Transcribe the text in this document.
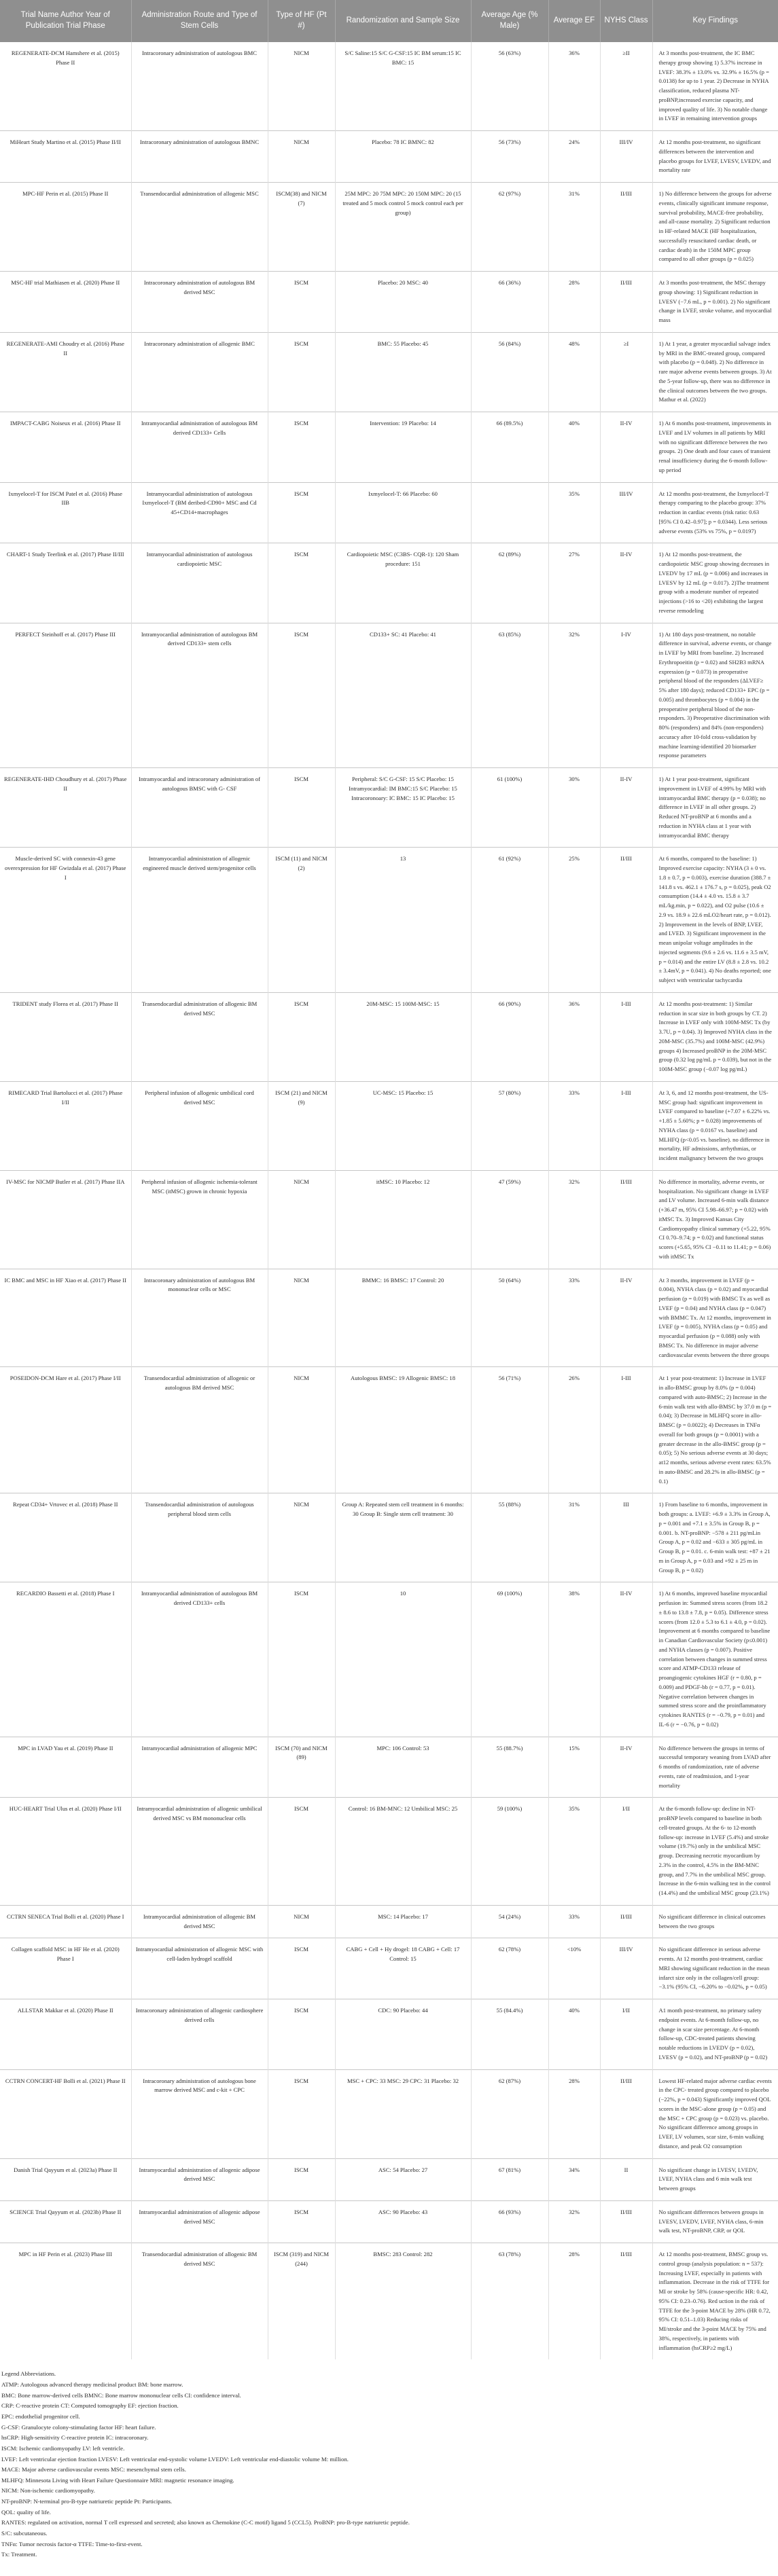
Trial Name Author Year of Publication Trial Phase	Administration Route and Type of Stem Cells	Type of HF (Pt #)	Randomization and Sample Size	Average Age (% Male)	Average EF	NYHS Class	Key Findings
REGENERATE-DCM Hamshere et al. (2015) Phase II	Intracoronary administration of autologous BMC	NICM	S/C Saline:15 S/C G-CSF:15 IC BM serum:15 IC BMC: 15	56 (63%)	36%	≥II	At 3 months post-treatment, the IC BMC therapy group showing 1) 5.37% increase in LVEF: 38.3% ± 13.0% vs. 32.9% ± 16.5% (p = 0.0138) for up to 1 year. 2) Decrease in NYHA classification, reduced plasma NT-proBNP,increased exercise capacity, and improved quality of life. 3) No notable change in LVEF in remaining intervention groups
MiHeart Study Martino et al. (2015) Phase II/II	Intracoronary administration of autologous BMNC	NICM	Placebo: 78 IC BMNC: 82	56 (73%)	24%	III/IV	At 12 months post-treatment, no significant differences between the intervention and placebo groups for LVEF, LVESV, LVEDV, and mortality rate
MPC-HF Perin et al. (2015) Phase II	Transendocardial administration of allogenic MSC	ISCM(38) and NICM (7)	25M MPC: 20 75M MPC: 20 150M MPC: 20 (15 treated and 5 mock control 5 mock control each per group)	62 (97%)	31%	II/III	1) No difference between the groups for adverse events, clinically significant immune response, survival probability, MACE-free probability, and all-cause mortality. 2) Significant reduction in HF-related MACE (HF hospitalization, successfully resuscitated cardiac death, or cardiac death) in the 150M MPC group compared to all other groups (p = 0.025)
MSC-HF trial Mathiasen et al. (2020) Phase II	Intracoronary administration of autologous BM derived MSC	ISCM	Placebo: 20 MSC: 40	66 (36%)	28%	II/III	At 3 months post-treatment, the MSC therapy group showing: 1) Significant reduction in LVESV (−7.6 mL, p = 0.001). 2) No significant change in LVEF, stroke volume, and myocardial mass
REGENERATE-AMI Choudry et al. (2016) Phase II	Intracoronary administration of allogenic BMC	ISCM	BMC: 55 Placebo: 45	56 (84%)	48%	≥I	1) At 1 year, a greater myocardial salvage index by MRI in the BMC-treated group, compared with placebo (p = 0.048). 2) No difference in rare major adverse events between groups. 3) At the 5-year follow-up, there was no difference in the clinical outcomes between the two groups. Mathur et al. (2022)
IMPACT-CABG Noiseux et al. (2016) Phase II	Intramyocardial administration of autologous BM derived CD133+ Cells	ISCM	Intervention: 19 Placebo: 14	66 (89.5%)	40%	II-IV	1) At 6 months post-treatment, improvements in LVEF and LV volumes in all patients by MRI with no significant difference between the two groups. 2) One death and four cases of transient renal insufficiency during the 6-month follow-up period
Ixmyelocel-T for ISCM Patel et al. (2016) Phase IIB	Intramyocardial administration of autologous Ixmyelocel-T (BM deribed-CD90+ MSC and Cd 45+CD14+macrophages	ISCM	Ixmyelocel-T: 66 Placebo: 60		35%	III/IV	At 12 months post-treatment, the Ixmyelocel-T therapy comparing to the placebo group: 37% reduction in cardiac events (risk ratio: 0.63 [95% CI 0.42–0.97]; p = 0.0344). Less serious adverse events (53% vs 75%, p = 0.0197)
CHART-1 Study Teerlink et al. (2017) Phase II/III	Intramyocardial administration of autologous cardiopoietic MSC	ISCM	Cardiopoietic MSC (C3BS- CQR-1): 120 Sham procedure: 151	62 (89%)	27%	II-IV	1) At 12 months post-treatment, the cardiopoietic MSC group showing decreases in LVEDV by 17 mL (p = 0.006) and increases in LVESV by 12 mL (p = 0.017). 2)The treatment group with a moderate number of repeated injections (>16 to <20) exhibiting the largest reverse remodeling
PERFECT Steinhoff et al. (2017) Phase III	Intramyocardial administration of autologous BM derived CD133+ stem cells	ISCM	CD133+ SC: 41 Placebo: 41	63 (85%)	32%	I-IV	1) At 180 days post-treatment, no notable difference in survival, adverse events, or change in LVEF by MRI from baseline. 2) Increased Erythropoeitin (p = 0.02) and SH2B3 mRNA expression (p = 0.073) in preoperative peripheral blood of the responders (ΔLVEF≥ 5% after 180 days); reduced CD133+ EPC (p = 0.005) and thrombocytes (p = 0.004) in the preoperative peripheral blood of the non-responders. 3) Preoperative discrimination with 80% (responders) and 84% (non-responders) accuracy after 10-fold cross-validation by machine learning-identified 20 biomarker response parameters
REGENERATE-IHD Choudhury et al. (2017) Phase II	Intramyocardial and intracoronary administration of autologous BMSC with G- CSF	ISCM	Peripheral: S/C G-CSF: 15 S/C Placebo: 15 Intramyocardial: IM BMC:15 S/C Placebo: 15 Intracoronoary: IC BMC: 15 IC Placebo: 15	61 (100%)	30%	II-IV	1) At 1 year post-treatment, significant improvement in LVEF of 4.99% by MRI with intramyocardial BMC therapy (p = 0.038); no difference in LVEF in all other groups. 2) Reduced NT-proBNP at 6 months and a reduction in NYHA class at 1 year with intramyocardial BMC therapy
Muscle-derived SC with connexin-43 gene overexpression for HF Gwizdala et al. (2017) Phase I	Intramyocardial administration of allogenic engineered muscle derived stem/progenitor cells	ISCM (11) and NICM (2)	13	61 (92%)	25%	II/III	At 6 months, compared to the baseline: 1) Improved exercise capacity: NYHA (3 ± 0 vs. 1.8 ± 0.7, p = 0.003), exercise duration (388.7 ± 141.8 s vs. 462.1 ± 176.7 s, p = 0.025), peak O2 consumption (14.4 ± 4.0 vs. 15.8 ± 3.7 mL/kg.min, p = 0.022), and O2 pulse (10.6 ± 2.9 vs. 18.9 ± 22.6 mLO2/heart rate, p = 0.012). 2) Improvement in the levels of BNP, LVEF, and LVED. 3) Significant improvement in the mean unipolar voltage amplitudes in the injected segments (9.6 ± 2.6 vs. 11.6 ± 3.5 mV, p = 0.014) and the entire LV (8.8 ± 2.8 vs. 10.2 ± 3.4mV, p = 0.041). 4) No deaths reported; one subject with ventricular tachycardia
TRIDENT study Florea et al. (2017) Phase II	Transendocardial administration of allogenic BM derived MSC	ISCM	20M-MSC: 15 100M-MSC: 15	66 (90%)	36%	I-III	At 12 months post-treatment: 1) Similar reduction in scar size in both groups by CT. 2) Increase in LVEF only with 100M-MSC Tx (by 3.7U, p = 0.04). 3) Improved NYHA class in the 20M-MSC (35.7%) and 100M-MSC (42.9%) groups 4) Increased proBNP in the 20M-MSC group (0.32 log pg/mL p = 0.039), but not in the 100M-MSC group (−0.07 log pg/mL)
RIMECARD Trial Bartolucci et al. (2017) Phase I/II	Peripheral infusion of allogenic umbilical cord derived MSC	ISCM (21) and NICM (9)	UC-MSC: 15 Placebo: 15	57 (80%)	33%	I-III	At 3, 6, and 12 months post-treatment, the US-MSC group had: significant improvement in LVEF compared to baseline (+7.07 ± 6.22% vs. +1.85 ± 5.60%; p = 0.028) improvements of NYHA class (p = 0.0167 vs. baseline) and MLHFQ (p<0.05 vs. baseline). no difference in mortality, HF admissions, arrhythmias, or incident malignancy between the two groups
IV-MSC for NICMP Butler et al. (2017) Phase IIA	Peripheral infusion of allogenic ischemia-tolerant MSC (itMSC) grown in chronic hypoxia	NICM	itMSC: 10 Placebo: 12	47 (59%)	32%	II/III	No difference in mortality, adverse events, or hospitalization. No significant change in LVEF and LV volume. Increased 6-min walk distance (+36.47 m, 95% CI 5.98–66.97; p = 0.02) with itMSC Tx. 3) Improved Kansas City Cardiomyopathy clinical summary (+5.22, 95% CI 0.70–9.74; p = 0.02) and functional status scores (+5.65, 95% CI −0.11 to 11.41; p = 0.06) with itMSC Tx
IC BMC and MSC in HF Xiao et al. (2017) Phase II	Intracoronary administration of autologous BM mononuclear cells or MSC	NICM	BMMC: 16 BMSC: 17 Control: 20	50 (64%)	33%	II-IV	At 3 months, improvement in LVEF (p = 0.004), NYHA class (p = 0.02) and myocardial perfusion (p = 0.019) with BMSC Tx as well as LVEF (p = 0.04) and NYHA class (p = 0.047) with BMMC Tx. At 12 months, improvement in LVEF (p = 0.005), NYHA class (p = 0.05) and myocardial perfusion (p = 0.088) only with BMSC Tx. No difference in major adverse cardiovascular events between the three groups
POSEIDON-DCM Hare et al. (2017) Phase I/II	Transendocardial administration of allogenic or autologous BM derived MSC	NICM	Autologous BMSC: 19 Allogenic BMSC: 18	56 (71%)	26%	I-III	At 1 year post-treatment: 1) Increase in LVEF in allo-BMSC group by 8.0% (p = 0.004) compared with auto-BMSC; 2) Increase in the 6-min walk test with allo-BMSC by 37.0 m (p = 0.04); 3) Decrease in MLHFQ score in allo-BMSC (p = 0.0022); 4) Decreases in TNFα overall for both groups (p = 0.0001) with a greater decrease in the allo-BMSC group (p = 0.05); 5) No serious adverse events at 30 days; at12 months, serious adverse event rates: 63.5% in auto-BMSC and 28.2% in allo-BMSC (p = 0.1)
Repeat CD34+ Vrtovec et al. (2018) Phase II	Transendocardial administration of autologous peripheral blood stem cells	NICM	Group A: Repeated stem cell treatment in 6 months: 30 Group B: Single stem cell treatment: 30	55 (88%)	31%	III	1) From baseline to 6 months, improvement in both groups: a. LVEF: +6.9 ± 3.3% in Group A, p = 0.001 and +7.1 ± 3.5% in Group B, p = 0.001. b. NT-proBNP: −578 ± 211 pg/mLin Group A, p = 0.02 and −633 ± 305 pg/mL in Group B, p = 0.01. c. 6-min walk test: +87 ± 21 m in Group A, p = 0.03 and +92 ± 25 m in Group B, p = 0.02)
RECARDIO Bassetti et al. (2018) Phase I	Intramyocardial administration of autologous BM derived CD133+ cells	ISCM	10	69 (100%)	38%	II-IV	1) At 6 months, improved baseline myocardial perfusion in: Summed stress scores (from 18.2 ± 8.6 to 13.8 ± 7.8, p = 0.05). Difference stress scores (from 12.0 ± 5.3 to 6.1 ± 4.0, p = 0.02). Improvement at 6 months compared to baseline in Canadian Cardiovascular Society (p≤0.001) and NYHA classes (p = 0.007). Positive correlation between changes in summed stress score and ATMP-CD133 release of proangiogenic cytokines HGF (r = 0.80, p = 0.009) and PDGF-bb (r = 0.77, p = 0.01). Negative correlation between changes in summed stress score and the proinflammatory cytokines RANTES (r = −0.79, p = 0.01) and IL-6 (r = −0.76, p = 0.02)
MPC in LVAD Yau et al. (2019) Phase II	Intramyocardial administration of allogenic MPC	ISCM (70) and NICM (89)	MPC: 106 Control: 53	55 (88.7%)	15%	II-IV	No difference between the groups in terms of successful temporary weaning from LVAD after 6 months of randomization, rate of adverse events, rate of readmission, and 1-year mortality
HUC-HEART Trial Ulus et al. (2020) Phase I/II	Intramyocardial administration of allogenic umbilical derived MSC vs BM mononuclear cells	ISCM	Control: 16 BM-MNC: 12 Umbilical MSC: 25	59 (100%)	35%	I/II	At the 6-month follow-up: decline in NT-proBNP levels compared to baseline in both cell-treated groups. At the 6- to 12-month follow-up: increase in LVEF (5.4%) and stroke volume (19.7%) only in the umbilical MSC group. Decreasing necrotic myocardium by 2.3% in the control, 4.5% in the BM-MNC group, and 7.7% in the umbilical MSC group. Increase in the 6-min walking test in the control (14.4%) and the umbilical MSC group (23.1%)
CCTRN SENECA Trial Bolli et al. (2020) Phase I	Intramyocardial administration of allogenic BM derived MSC	NICM	MSC: 14 Placebo: 17	54 (24%)	33%	II/III	No significant difference in clinical outcomes between the two groups
Collagen scaffold MSC in HF He et al. (2020) Phase I	Intramyocardial administration of allogenic MSC with cell-laden hydrogel scaffold	ISCM	CABG + Cell + Hy drogel: 18 CABG + Cell: 17 Control: 15	62 (78%)	<10%	III/IV	No significant difference in serious adverse events. At 12 months post-treatment, cardiac MRI showing significant reduction in the mean infarct size only in the collagen/cell group: −3.1% (95% CI, −6.20% to −0.02%, p = 0.05)
ALLSTAR Makkar et al. (2020) Phase II	Intracoronary administration of allogenic cardiosphere derived cells	ISCM	CDC: 90 Placebo: 44	55 (84.4%)	40%	I/II	A1 month post-treatment, no primary safety endpoint events. At 6-month follow-up, no change in scar size percentage. At 6-month follow-up, CDC-treated patients showing notable reductions in LVEDV (p = 0.02), LVESV (p = 0.02), and NT-proBNP (p = 0.02)
CCTRN CONCERT-HF Bolli et al. (2021) Phase II	Intracoronary administration of autologous bone marrow derived MSC and c-kit + CPC	ISCM	MSC + CPC: 33 MSC: 29 CPC: 31 Placebo: 32	62 (87%)	28%	II/III	Lowest HF-related major adverse cardiac events in the CPC- treated group compared to placebo (−22%, p = 0.043) Significantly improved QOL scores in the MSC-alone group (p = 0.05) and the MSC + CPC group (p = 0.023) vs. placebo. No significant difference among groups in LVEF, LV volumes, scar size, 6-min walking distance, and peak O2 consumption
Danish Trial Qayyum et al. (2023a) Phase II	Intramyocardial administration of allogenic adipose derived MSC	ISCM	ASC: 54 Placebo: 27	67 (81%)	34%	II	No significant change in LVESV, LVEDV, LVEF, NYHA class and 6 min walk test between groups
SCIENCE Trial Qayyum et al. (2023b) Phase II	Intramyocardial administration of allogenic adipose derived MSC	ISCM	ASC: 90 Placebo: 43	66 (93%)	32%	II/III	No significant differences between groups in LVESV, LVEDV, LVEF, NYHA class, 6-min walk test, NT-proBNP, CRP, or QOL
MPC in HF Perin et al. (2023) Phase III	Transendocardial administration of allogenic BM derived MSC	ISCM (319) and NICM (244)	BMSC: 283 Control: 282	63 (78%)	28%	II/III	At 12 months post-treatment, BMSC group vs. control group (analysis population: n = 537): Increasing LVEF, especially in patients with inflammation. Decrease in the risk of TTFE for MI or stroke by 58% (cause-specific HR: 0.42, 95% CI: 0.23–0.76). Red uction in the risk of TTFE for the 3-point MACE by 28% (HR 0.72, 95% CI: 0.51–1.03) Reducing risks of MI/stroke and the 3-point MACE by 75% and 38%, respectively, in patients with inflammation (hsCRP≥2 mg/L)
Legend Abbreviations.
ATMP: Autologous advanced therapy medicinal product BM: bone marrow.
BMC: Bone marrow-derived cells BMNC: Bone marrow mononuclear cells CI: confidence interval.
CRP: C-reactive protein CT: Computed tomography EF: ejection fraction.
EPC: endothelial progenitor cell.
G-CSF: Granulocyte colony-stimulating factor HF: heart failure.
hsCRP: High-sensitivity C-reactive protein IC: intracoronary.
ISCM: Ischemic cardiomyopathy LV: left ventricle.
LVEF: Left ventricular ejection fraction LVESV: Left ventricular end-systolic volume LVEDV: Left ventricular end-diastolic volume M: million.
MACE: Major adverse cardiovascular events MSC: mesenchymal stem cells.
MLHFQ: Minnesota Living with Heart Failure Questionnaire MRI: magnetic resonance imaging.
NICM: Non-ischemic cardiomyopathy.
NT-proBNP: N-terminal pro-B-type natriuretic peptide Pt: Participants.
QOL: quality of life.
RANTES: regulated on activation, normal T cell expressed and secreted; also known as Chemokine (C-C motif) ligand 5 (CCL5). ProBNP: pro-B-type natriuretic peptide.
S/C: subcutaneous.
TNFα: Tumor necrosis factor-α TTFE: Time-to-first-event.
Tx: Treatment.
